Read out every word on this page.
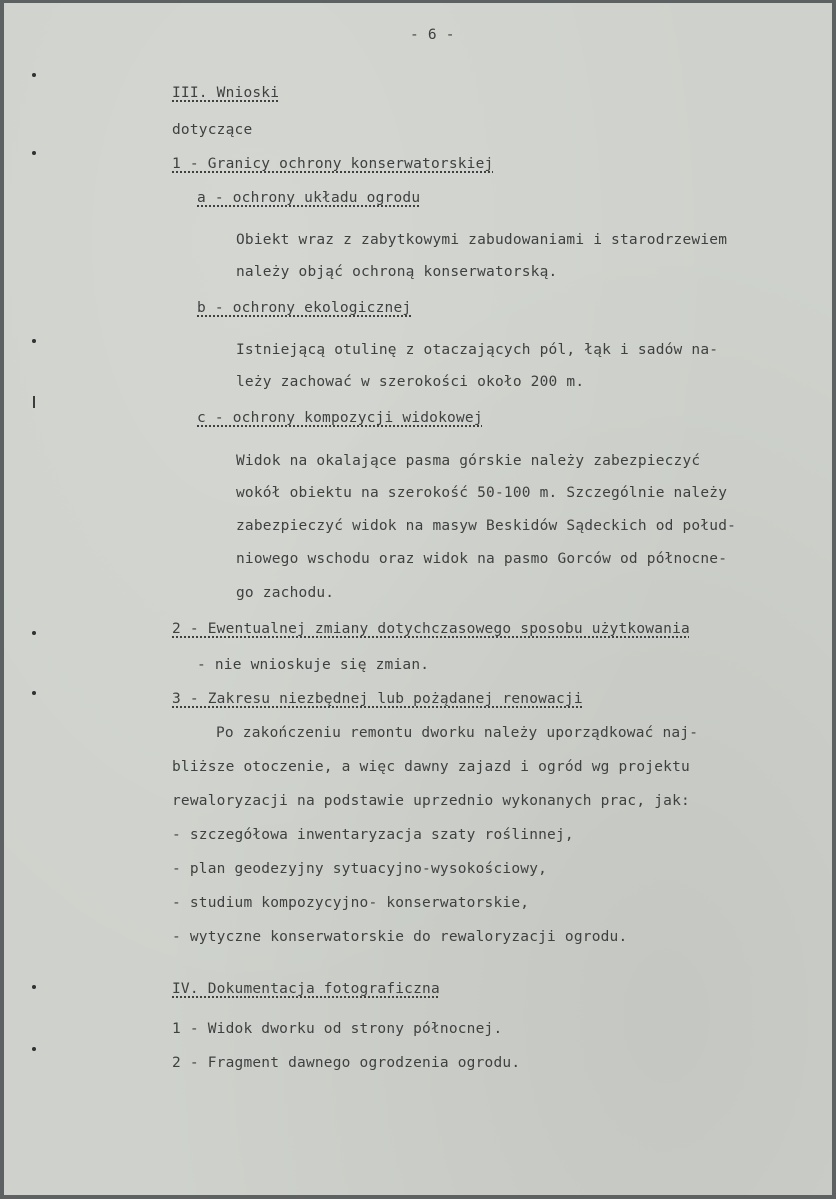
- 6 -
III. Wnioski
dotyczące
1 - Granicy ochrony konserwatorskiej
a - ochrony układu ogrodu
Obiekt wraz z zabytkowymi zabudowaniami i starodrzewiem
należy objąć ochroną konserwatorską.
b - ochrony ekologicznej
Istniejącą otulinę z otaczających pól, łąk i sadów na-
leży zachować w szerokości około 200 m.
c - ochrony kompozycji widokowej
Widok na okalające pasma górskie należy zabezpieczyć
wokół obiektu na szerokość 50-100 m. Szczególnie należy
zabezpieczyć widok na masyw Beskidów Sądeckich od połud-
niowego wschodu oraz widok na pasmo Gorców od północne-
go zachodu.
2 - Ewentualnej zmiany dotychczasowego sposobu użytkowania
- nie wnioskuje się zmian.
3 - Zakresu niezbędnej lub pożądanej renowacji
Po zakończeniu remontu dworku należy uporządkować naj-
bliższe otoczenie, a więc dawny zajazd i ogród wg projektu
rewaloryzacji na podstawie uprzednio wykonanych prac, jak:
- szczegółowa inwentaryzacja szaty roślinnej,
- plan geodezyjny sytuacyjno-wysokościowy,
- studium kompozycyjno- konserwatorskie,
- wytyczne konserwatorskie do rewaloryzacji ogrodu.
IV. Dokumentacja fotograficzna
1 - Widok dworku od strony północnej.
2 - Fragment dawnego ogrodzenia ogrodu.
